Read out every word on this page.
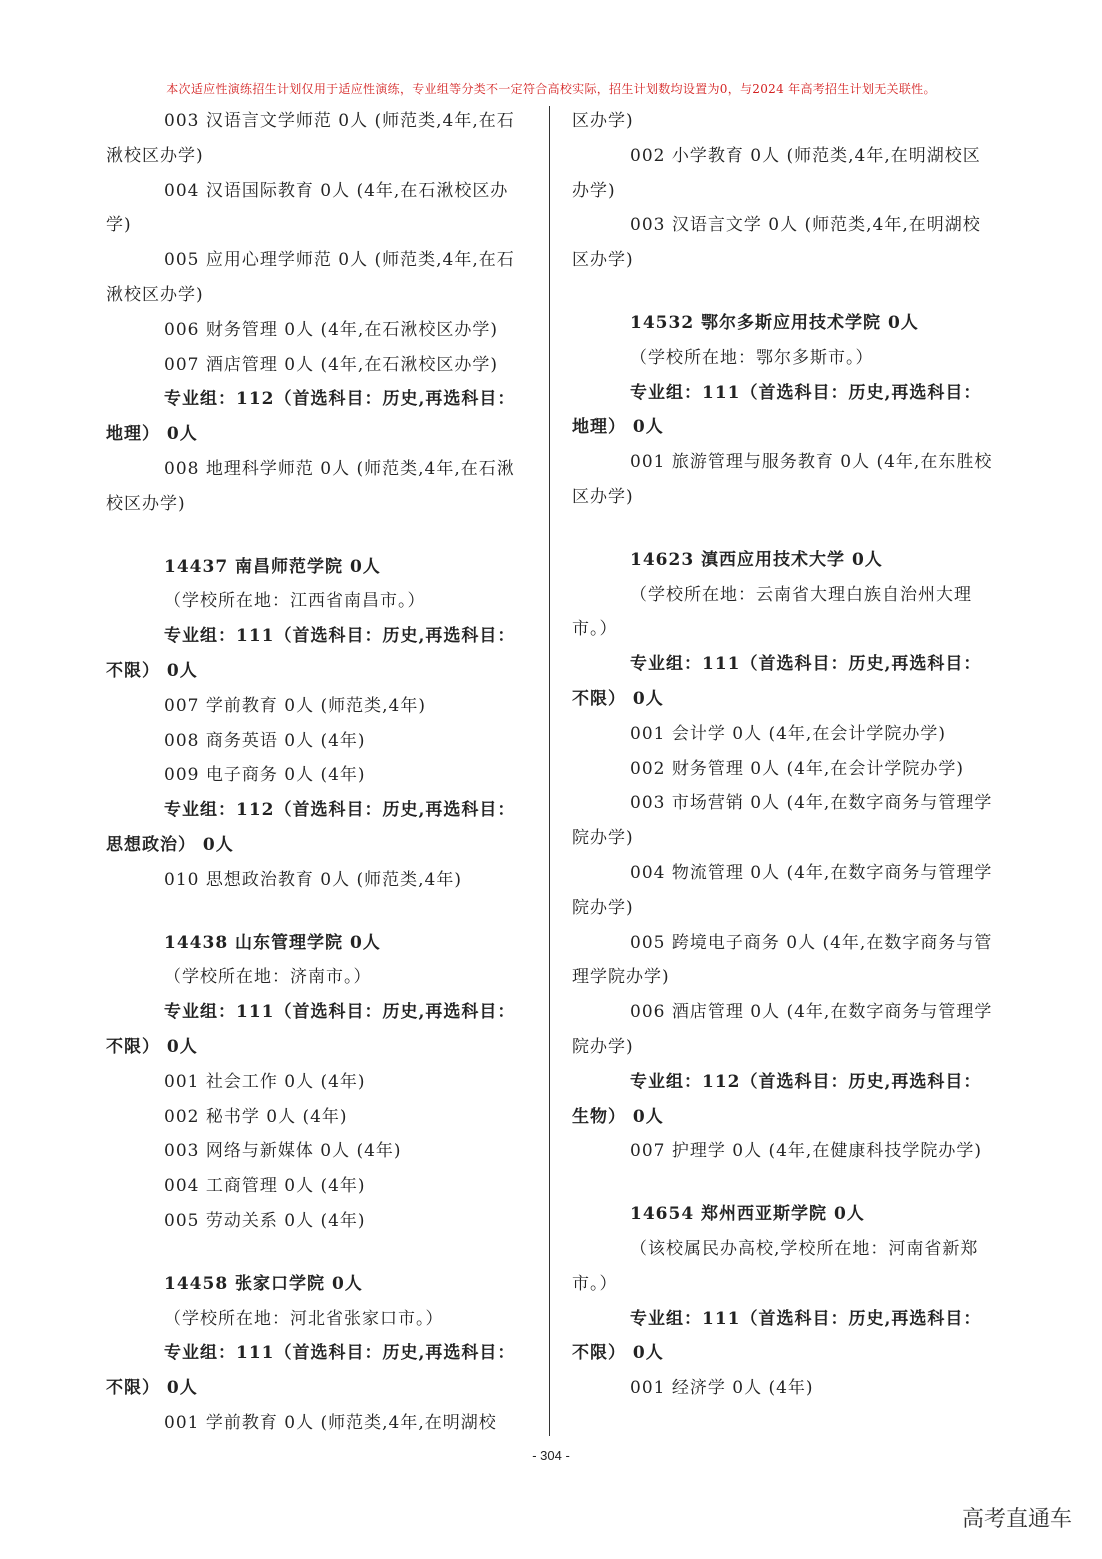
本次适应性演练招生计划仅用于适应性演练，专业组等分类不一定符合高校实际，招生计划数均设置为0，与2024 年高考招生计划无关联性。
003 汉语言文学师范 0人 (师范类,4年,在石湫校区办学)
004 汉语国际教育 0人 (4年,在石湫校区办学)
005 应用心理学师范 0人 (师范类,4年,在石湫校区办学)
006 财务管理 0人 (4年,在石湫校区办学)
007 酒店管理 0人 (4年,在石湫校区办学)
专业组：112（首选科目：历史,再选科目：地理） 0人
008 地理科学师范 0人 (师范类,4年,在石湫校区办学)
14437 南昌师范学院 0人
（学校所在地：江西省南昌市。）
专业组：111（首选科目：历史,再选科目：不限） 0人
007 学前教育 0人 (师范类,4年)
008 商务英语 0人 (4年)
009 电子商务 0人 (4年)
专业组：112（首选科目：历史,再选科目：思想政治） 0人
010 思想政治教育 0人 (师范类,4年)
14438 山东管理学院 0人
（学校所在地：济南市。）
专业组：111（首选科目：历史,再选科目：不限） 0人
001 社会工作 0人 (4年)
002 秘书学 0人 (4年)
003 网络与新媒体 0人 (4年)
004 工商管理 0人 (4年)
005 劳动关系 0人 (4年)
14458 张家口学院 0人
（学校所在地：河北省张家口市。）
专业组：111（首选科目：历史,再选科目：不限） 0人
001 学前教育 0人 (师范类,4年,在明湖校
区办学)
002 小学教育 0人 (师范类,4年,在明湖校区办学)
003 汉语言文学 0人 (师范类,4年,在明湖校区办学)
14532 鄂尔多斯应用技术学院 0人
（学校所在地：鄂尔多斯市。）
专业组：111（首选科目：历史,再选科目：地理） 0人
001 旅游管理与服务教育 0人 (4年,在东胜校区办学)
14623 滇西应用技术大学 0人
（学校所在地：云南省大理白族自治州大理市。）
专业组：111（首选科目：历史,再选科目：不限） 0人
001 会计学 0人 (4年,在会计学院办学)
002 财务管理 0人 (4年,在会计学院办学)
003 市场营销 0人 (4年,在数字商务与管理学院办学)
004 物流管理 0人 (4年,在数字商务与管理学院办学)
005 跨境电子商务 0人 (4年,在数字商务与管理学院办学)
006 酒店管理 0人 (4年,在数字商务与管理学院办学)
专业组：112（首选科目：历史,再选科目：生物） 0人
007 护理学 0人 (4年,在健康科技学院办学)
14654 郑州西亚斯学院 0人
（该校属民办高校,学校所在地：河南省新郑市。）
专业组：111（首选科目：历史,再选科目：不限） 0人
001 经济学 0人 (4年)
- 304 -
高考直通车
